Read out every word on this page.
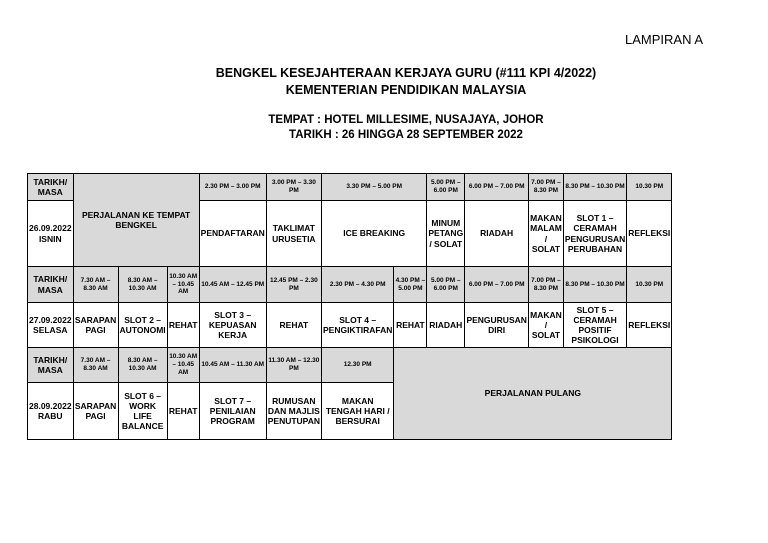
LAMPIRAN A
BENGKEL KESEJAHTERAAN KERJAYA GURU (#111 KPI 4/2022)
KEMENTERIAN PENDIDIKAN MALAYSIA
TEMPAT : HOTEL MILLESIME, NUSAJAYA, JOHOR
TARIKH : 26 HINGGA 28 SEPTEMBER 2022
TARIKH/ MASA	PERJALANAN KE TEMPAT BENGKEL			2.30 PM – 3.00 PM	3.00 PM – 3.30 PM	3.30 PM – 5.00 PM		5.00 PM – 6.00 PM	6.00 PM – 7.00 PM	7.00 PM – 8.30 PM	8.30 PM – 10.30 PM	10.30 PM
26.09.2022 ISNIN				PENDAFTARAN	TAKLIMAT URUSETIA	ICE BREAKING		MINUM PETANG / SOLAT	RIADAH	MAKAN MALAM / SOLAT	SLOT 1 – CERAMAH PENGURUSAN PERUBAHAN	REFLEKSI
TARIKH/ MASA	7.30 AM – 8.30 AM	8.30 AM – 10.30 AM	10.30 AM – 10.45 AM	10.45 AM – 12.45 PM	12.45 PM – 2.30 PM	2.30 PM – 4.30 PM	4.30 PM – 5.00 PM	5.00 PM – 6.00 PM	6.00 PM – 7.00 PM	7.00 PM – 8.30 PM	8.30 PM – 10.30 PM	10.30 PM
27.09.2022 SELASA	SARAPAN PAGI	SLOT 2 – AUTONOMI	REHAT	SLOT 3 – KEPUASAN KERJA	REHAT	SLOT 4 – PENGIKTIRAFAN	REHAT	RIADAH	PENGURUSAN DIRI	MAKAN / SOLAT	SLOT 5 – CERAMAH POSITIF PSIKOLOGI	REFLEKSI
TARIKH/ MASA	7.30 AM – 8.30 AM	8.30 AM – 10.30 AM	10.30 AM – 10.45 AM	10.45 AM – 11.30 AM	11.30 AM – 12.30 PM	12.30 PM	PERJALANAN PULANG					
28.09.2022 RABU	SARAPAN PAGI	SLOT 6 – WORK LIFE BALANCE	REHAT	SLOT 7 – PENILAIAN PROGRAM	RUMUSAN DAN MAJLIS PENUTUPAN	MAKAN TENGAH HARI / BERSURAI						
